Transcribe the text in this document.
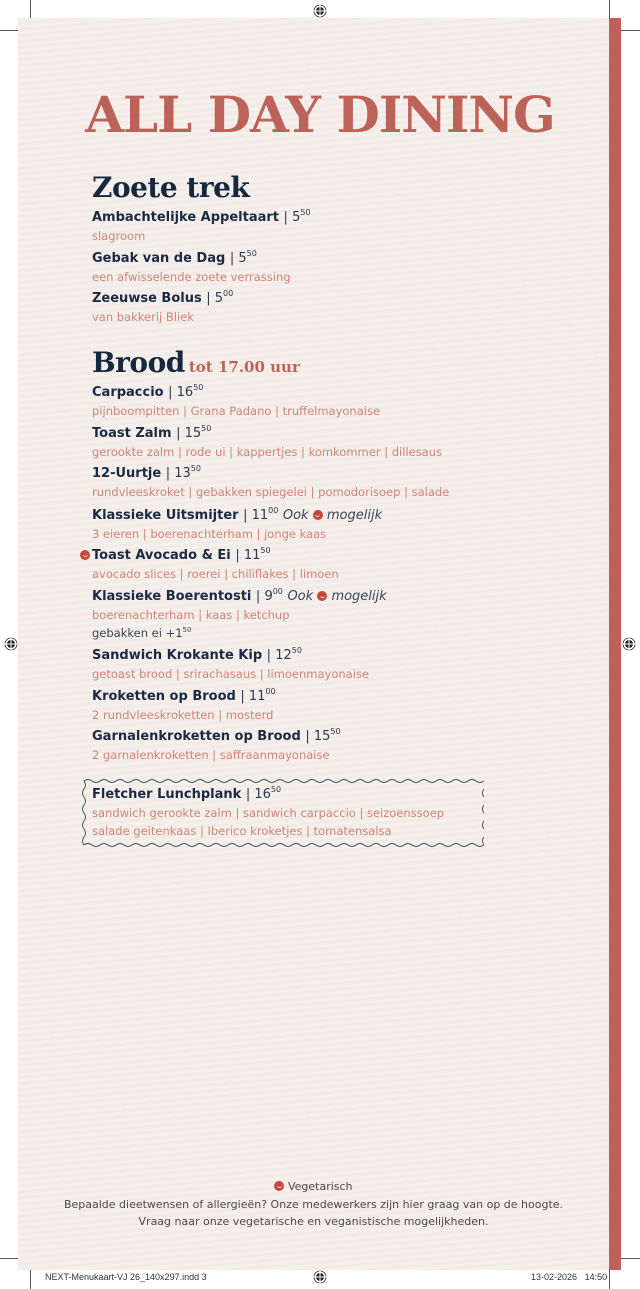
ALL DAY DINING
Zoete trek
Ambachtelijke Appeltaart | $5^{50}$
slagroom
Gebak van de Dag | $5^{50}$
een afwisselende zoete verrassing
Zeeuwse Bolus | $5^{00}$
van bakkerij Bliek
Brood tot 17.00 uur
Carpaccio | $16^{50}$
pijnboompitten | Grana Padano | truffelmayonaise
Toast Zalm | $15^{50}$
gerookte zalm | rode ui | kappertjes | komkommer | dillesaus
12-Uurtje | $13^{50}$
rundvleeskroket | gebakken spiegelei | pomodorisoep | salade
Klassieke Uitsmijter | $11^{00}$ Ook mogelijk
3 eieren | boerenachterham | jonge kaas
Toast Avocado & Ei | $11^{50}$
avocado slices | roerei | chiliflakes | limoen
Klassieke Boerentosti | $9^{00}$ Ook mogelijk
boerenachterham | kaas | ketchup
gebakken ei $+1^{50}$
Sandwich Krokante Kip | $12^{50}$
getoast brood | srirachasaus | limoenmayonaise
Kroketten op Brood | $11^{00}$
2 rundvleeskroketten | mosterd
Garnalenkroketten op Brood | $15^{50}$
2 garnalenkroketten | saffraanmayonaise
Fletcher Lunchplank | $16^{50}$
sandwich gerookte zalm | sandwich carpaccio | seizoenssoep
salade geitenkaas | Iberico kroketjes | tomatensalsa
Vegetarisch
Bepaalde dieetwensen of allergieën? Onze medewerkers zijn hier graag van op de hoogte.
Vraag naar onze vegetarische en veganistische mogelijkheden.
NEXT-Menukaart-VJ 26_140x297.indd 3	13-02-2026 14:50
